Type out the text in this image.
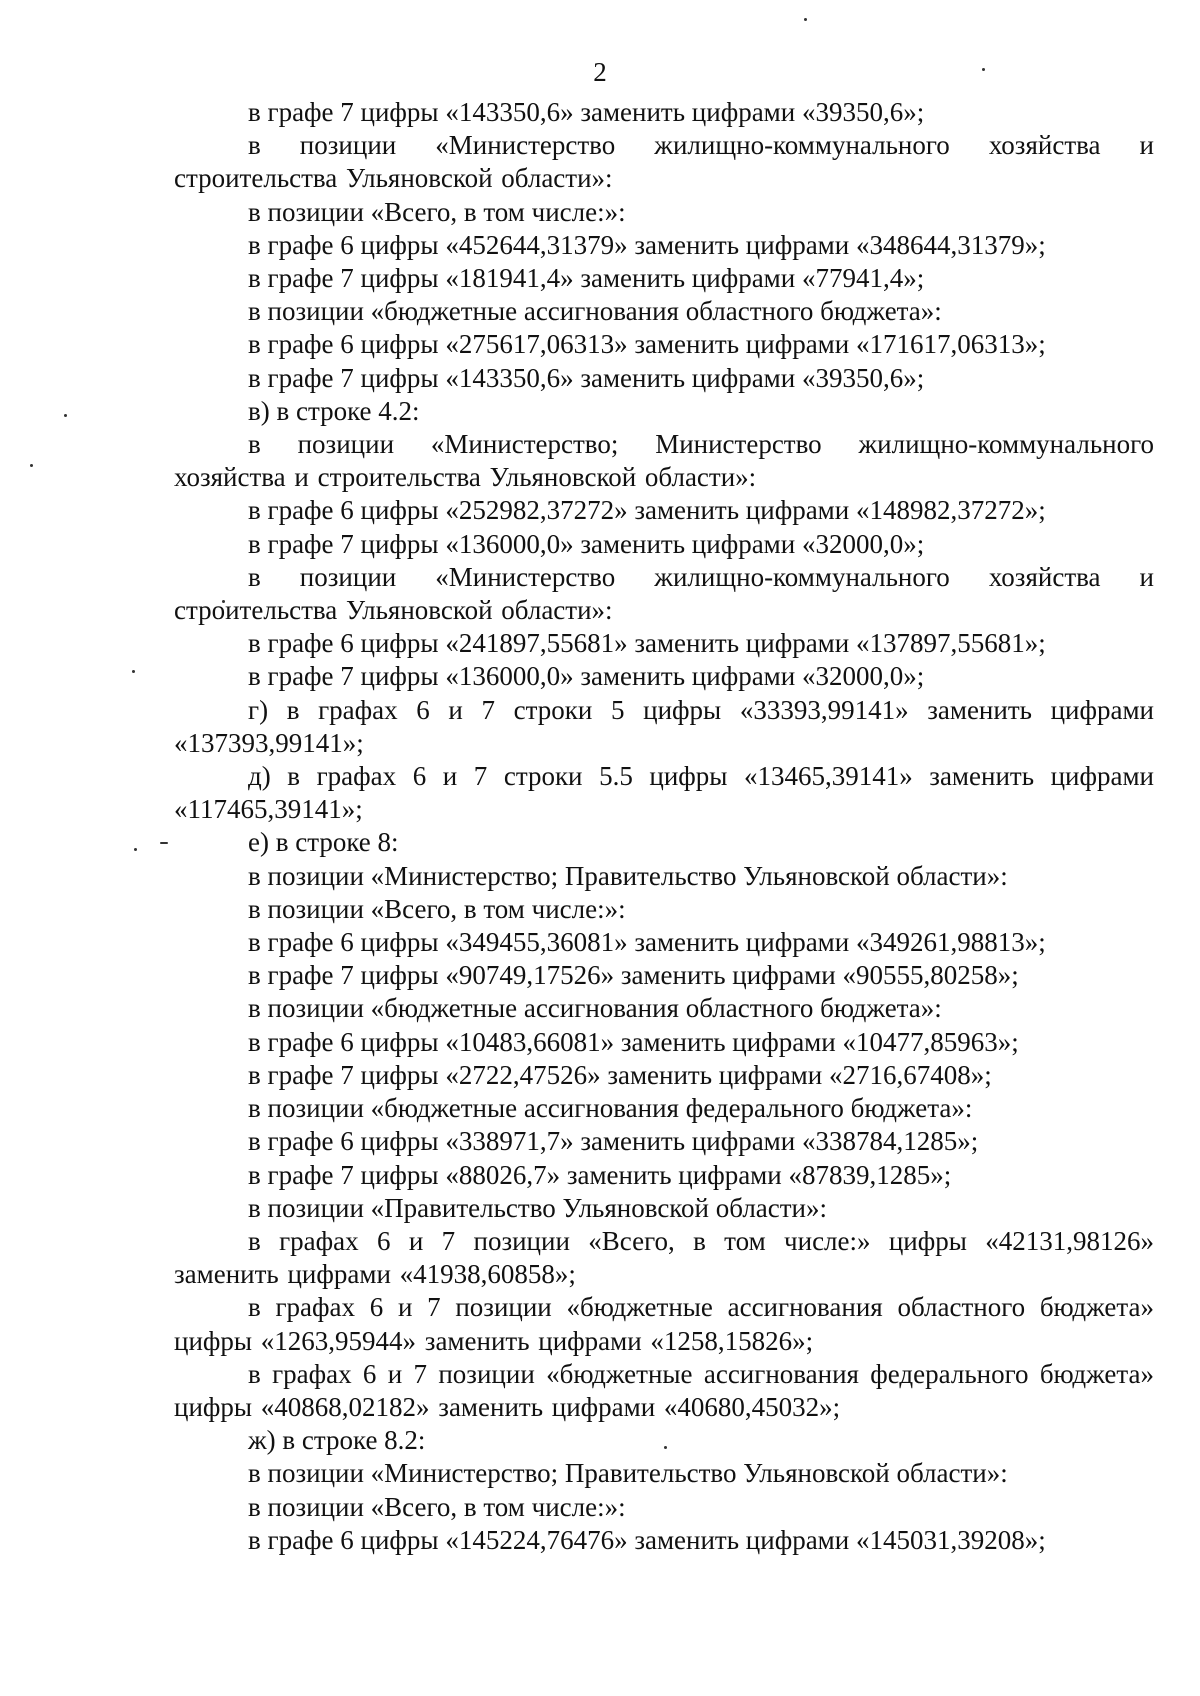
2

в графе 7 цифры «143350,6» заменить цифрами «39350,6»;

в позиции «Министерство жилищно-коммунального хозяйства и строительства Ульяновской области»:

в позиции «Всего, в том числе:»:

в графе 6 цифры «452644,31379» заменить цифрами «348644,31379»;

в графе 7 цифры «181941,4» заменить цифрами «77941,4»;

в позиции «бюджетные ассигнования областного бюджета»:

в графе 6 цифры «275617,06313» заменить цифрами «171617,06313»;

в графе 7 цифры «143350,6» заменить цифрами «39350,6»;

в) в строке 4.2:

в позиции «Министерство; Министерство жилищно-коммунального хозяйства и строительства Ульяновской области»:

в графе 6 цифры «252982,37272» заменить цифрами «148982,37272»;

в графе 7 цифры «136000,0» заменить цифрами «32000,0»;

в позиции «Министерство жилищно-коммунального хозяйства и строительства Ульяновской области»:

в графе 6 цифры «241897,55681» заменить цифрами «137897,55681»;

в графе 7 цифры «136000,0» заменить цифрами «32000,0»;

г) в графах 6 и 7 строки 5 цифры «33393,99141» заменить цифрами «137393,99141»;

д) в графах 6 и 7 строки 5.5 цифры «13465,39141» заменить цифрами «117465,39141»;

е) в строке 8:

в позиции «Министерство; Правительство Ульяновской области»:

в позиции «Всего, в том числе:»:

в графе 6 цифры «349455,36081» заменить цифрами «349261,98813»;

в графе 7 цифры «90749,17526» заменить цифрами «90555,80258»;

в позиции «бюджетные ассигнования областного бюджета»:

в графе 6 цифры «10483,66081» заменить цифрами «10477,85963»;

в графе 7 цифры «2722,47526» заменить цифрами «2716,67408»;

в позиции «бюджетные ассигнования федерального бюджета»:

в графе 6 цифры «338971,7» заменить цифрами «338784,1285»;

в графе 7 цифры «88026,7» заменить цифрами «87839,1285»;

в позиции «Правительство Ульяновской области»:

в графах 6 и 7 позиции «Всего, в том числе:» цифры «42131,98126» заменить цифрами «41938,60858»;

в графах 6 и 7 позиции «бюджетные ассигнования областного бюджета» цифры «1263,95944» заменить цифрами «1258,15826»;

в графах 6 и 7 позиции «бюджетные ассигнования федерального бюджета» цифры «40868,02182» заменить цифрами «40680,45032»;

ж) в строке 8.2:

в позиции «Министерство; Правительство Ульяновской области»:

в позиции «Всего, в том числе:»:

в графе 6 цифры «145224,76476» заменить цифрами «145031,39208»;
